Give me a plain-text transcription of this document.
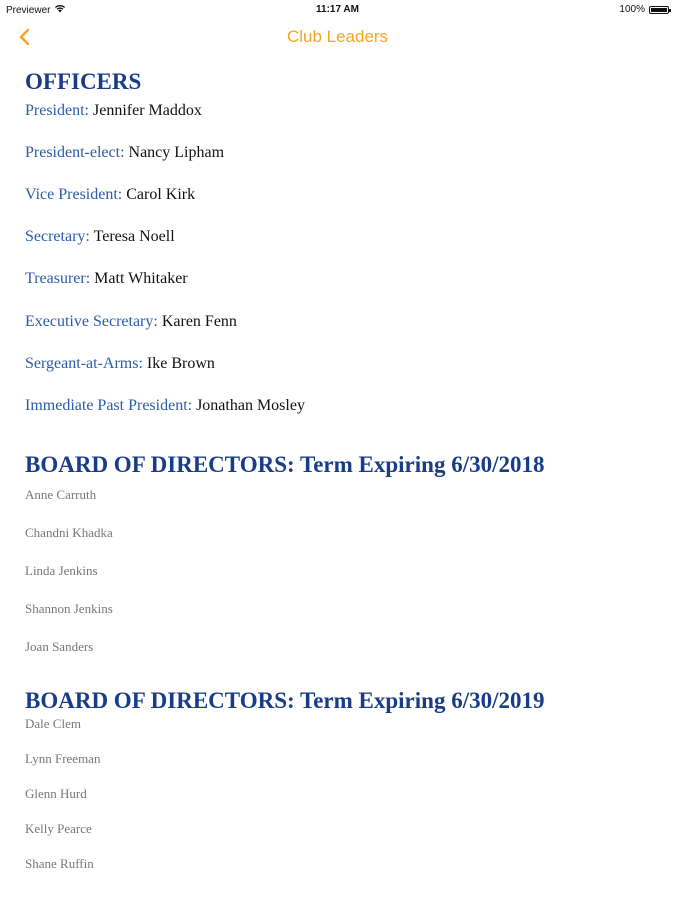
Previewer	11:17 AM	100%
Club Leaders
OFFICERS
President: Jennifer Maddox
President-elect: Nancy Lipham
Vice President: Carol Kirk
Secretary: Teresa Noell
Treasurer: Matt Whitaker
Executive Secretary: Karen Fenn
Sergeant-at-Arms: Ike Brown
Immediate Past President: Jonathan Mosley
BOARD OF DIRECTORS: Term Expiring 6/30/2018
Anne Carruth
Chandni Khadka
Linda Jenkins
Shannon Jenkins
Joan Sanders
BOARD OF DIRECTORS: Term Expiring 6/30/2019
Dale Clem
Lynn Freeman
Glenn Hurd
Kelly Pearce
Shane Ruffin
